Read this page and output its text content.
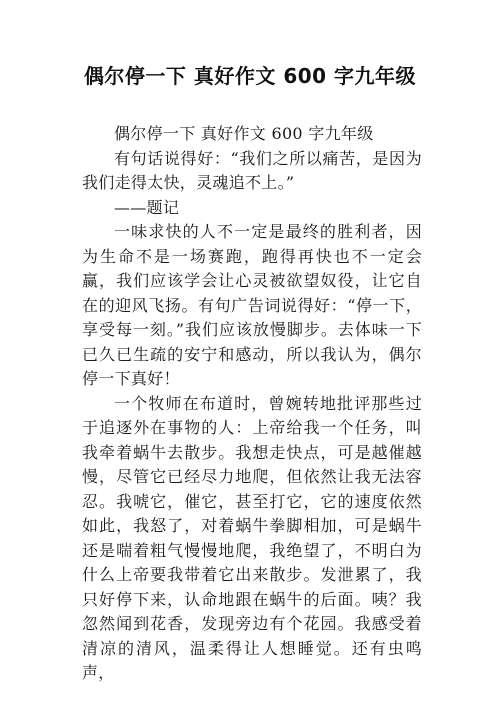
偶尔停一下 真好作文 600 字九年级

偶尔停一下 真好作文 600 字九年级

有句话说得好：“我们之所以痛苦，是因为我们走得太快，灵魂追不上。”

——题记

一味求快的人不一定是最终的胜利者，因为生命不是一场赛跑，跑得再快也不一定会赢，我们应该学会让心灵被欲望奴役，让它自在的迎风飞扬。有句广告词说得好：“停一下，享受每一刻。”我们应该放慢脚步。去体味一下已久已生疏的安宁和感动，所以我认为，偶尔停一下真好！

一个牧师在布道时，曾婉转地批评那些过于追逐外在事物的人：上帝给我一个任务，叫我牵着蜗牛去散步。我想走快点，可是越催越慢，尽管它已经尽力地爬，但依然让我无法容忍。我唬它，催它，甚至打它，它的速度依然如此，我怒了，对着蜗牛拳脚相加，可是蜗牛还是喘着粗气慢慢地爬，我绝望了，不明白为什么上帝要我带着它出来散步。发泄累了，我只好停下来，认命地跟在蜗牛的后面。咦？我忽然闻到花香，发现旁边有个花园。我感受着清凉的清风，温柔得让人想睡觉。还有虫鸣声，
